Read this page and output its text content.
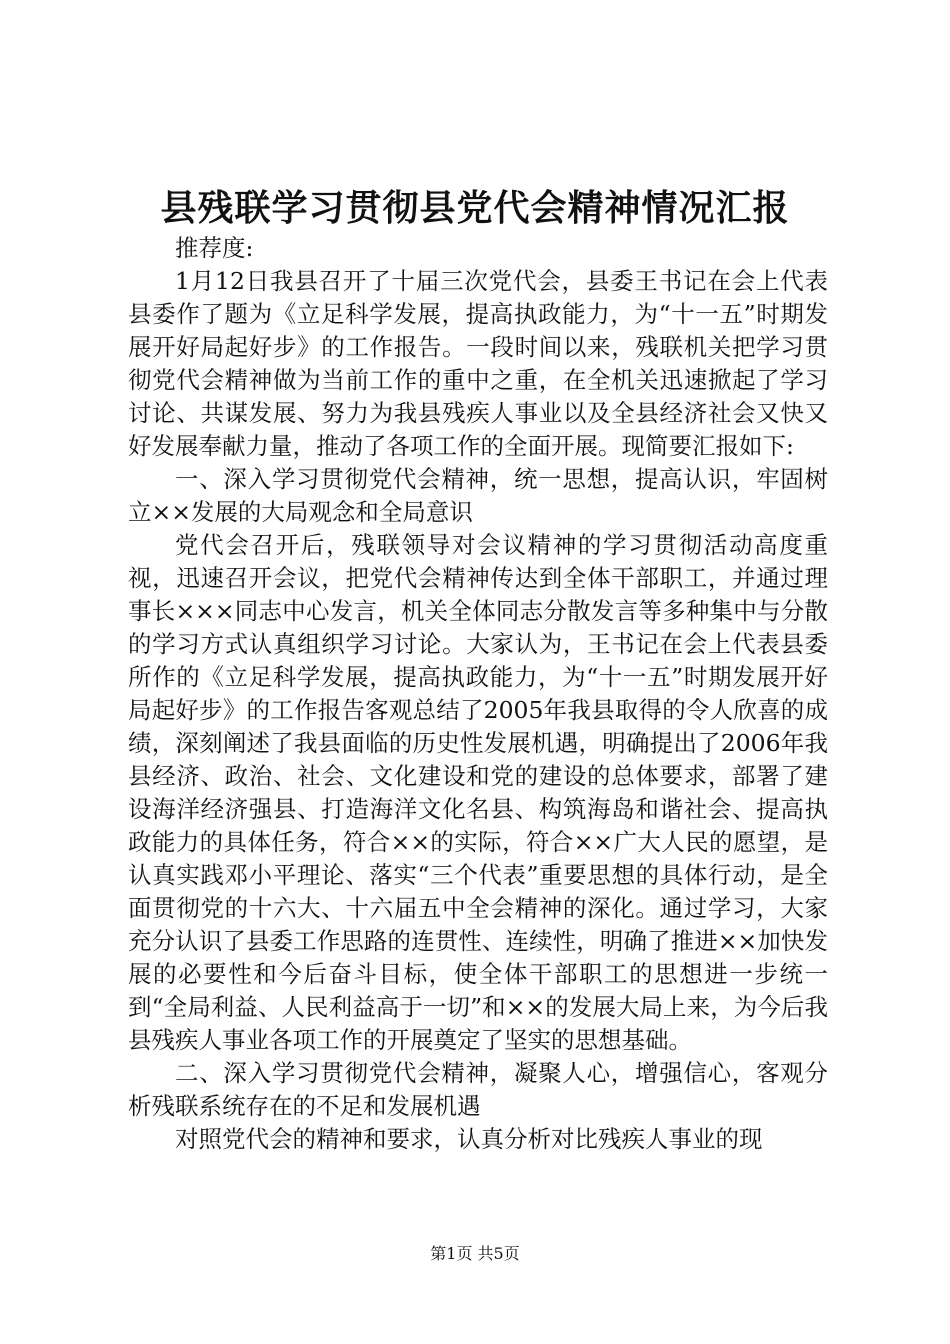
县残联学习贯彻县党代会精神情况汇报

推荐度:

1月12日我县召开了十届三次党代会，县委王书记在会上代表县委作了题为《立足科学发展，提高执政能力，为“十一五”时期发展开好局起好步》的工作报告。一段时间以来，残联机关把学习贯彻党代会精神做为当前工作的重中之重，在全机关迅速掀起了学习讨论、共谋发展、努力为我县残疾人事业以及全县经济社会又快又好发展奉献力量，推动了各项工作的全面开展。现简要汇报如下:

一、深入学习贯彻党代会精神，统一思想，提高认识，牢固树立××发展的大局观念和全局意识

党代会召开后，残联领导对会议精神的学习贯彻活动高度重视，迅速召开会议，把党代会精神传达到全体干部职工，并通过理事长×××同志中心发言，机关全体同志分散发言等多种集中与分散的学习方式认真组织学习讨论。大家认为，王书记在会上代表县委所作的《立足科学发展，提高执政能力，为“十一五”时期发展开好局起好步》的工作报告客观总结了2005年我县取得的令人欣喜的成绩，深刻阐述了我县面临的历史性发展机遇，明确提出了2006年我县经济、政治、社会、文化建设和党的建设的总体要求，部署了建设海洋经济强县、打造海洋文化名县、构筑海岛和谐社会、提高执政能力的具体任务，符合××的实际，符合××广大人民的愿望，是认真实践邓小平理论、落实“三个代表”重要思想的具体行动，是全面贯彻党的十六大、十六届五中全会精神的深化。通过学习，大家充分认识了县委工作思路的连贯性、连续性，明确了推进××加快发展的必要性和今后奋斗目标，使全体干部职工的思想进一步统一到“全局利益、人民利益高于一切”和××的发展大局上来，为今后我县残疾人事业各项工作的开展奠定了坚实的思想基础。

二、深入学习贯彻党代会精神，凝聚人心，增强信心，客观分析残联系统存在的不足和发展机遇

对照党代会的精神和要求，认真分析对比残疾人事业的现

第1页 共5页
